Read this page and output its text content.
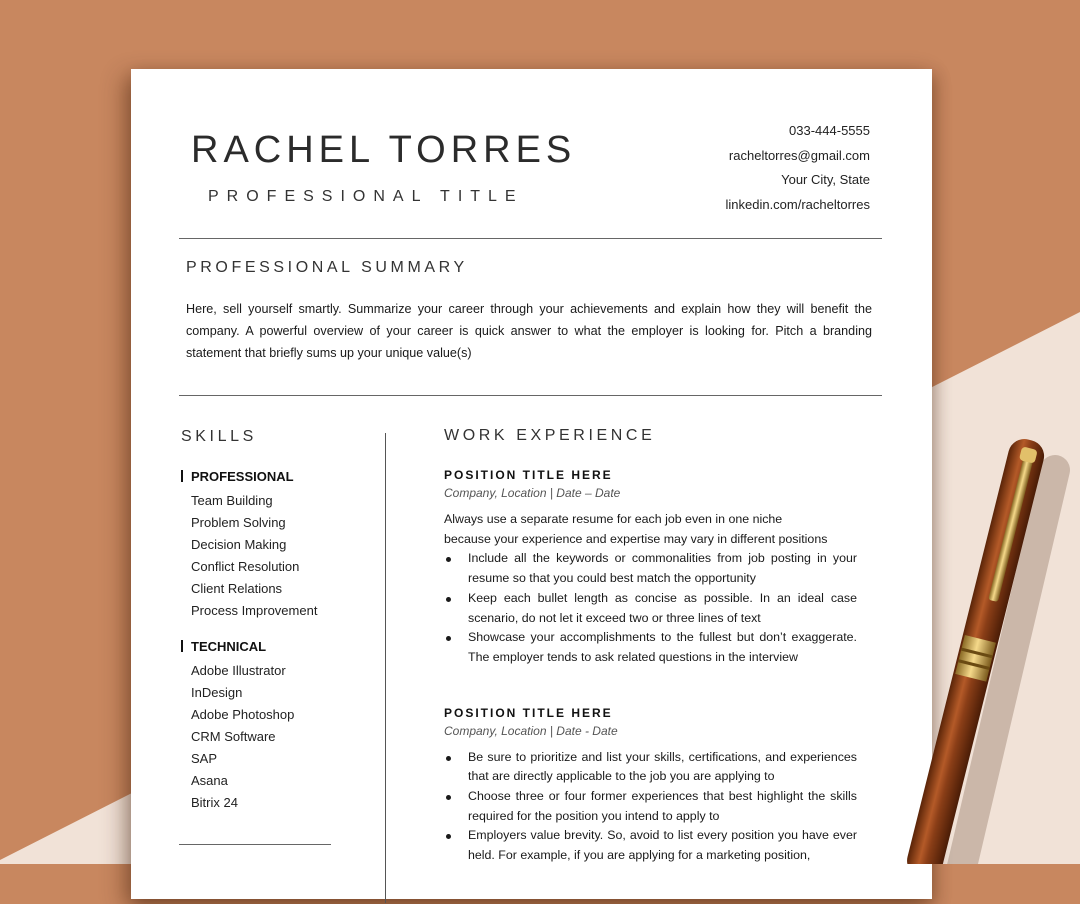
RACHEL TORRES
PROFESSIONAL TITLE
033-444-5555
racheltorres@gmail.com
Your City, State
linkedin.com/racheltorres
PROFESSIONAL SUMMARY
Here, sell yourself smartly. Summarize your career through your achievements and explain how they will benefit the company. A powerful overview of your career is quick answer to what the employer is looking for. Pitch a branding statement that briefly sums up your unique value(s)
SKILLS	WORK EXPERIENCE
PROFESSIONAL
Team Building
Problem Solving
Decision Making
Conflict Resolution
Client Relations
Process Improvement
TECHNICAL
Adobe Illustrator
InDesign
Adobe Photoshop
CRM Software
SAP
Asana
Bitrix 24
POSITION TITLE HERE
Company, Location | Date – Date
Always use a separate resume for each job even in one niche
because your experience and expertise may vary in different positions
Include all the keywords or commonalities from job posting in your resume so that you could best match the opportunity
Keep each bullet length as concise as possible. In an ideal case scenario, do not let it exceed two or three lines of text
Showcase your accomplishments to the fullest but don’t exaggerate. The employer tends to ask related questions in the interview
POSITION TITLE HERE
Company, Location | Date - Date
Be sure to prioritize and list your skills, certifications, and experiences that are directly applicable to the job you are applying to
Choose three or four former experiences that best highlight the skills required for the position you intend to apply to
Employers value brevity. So, avoid to list every position you have ever held. For example, if you are applying for a marketing position,
